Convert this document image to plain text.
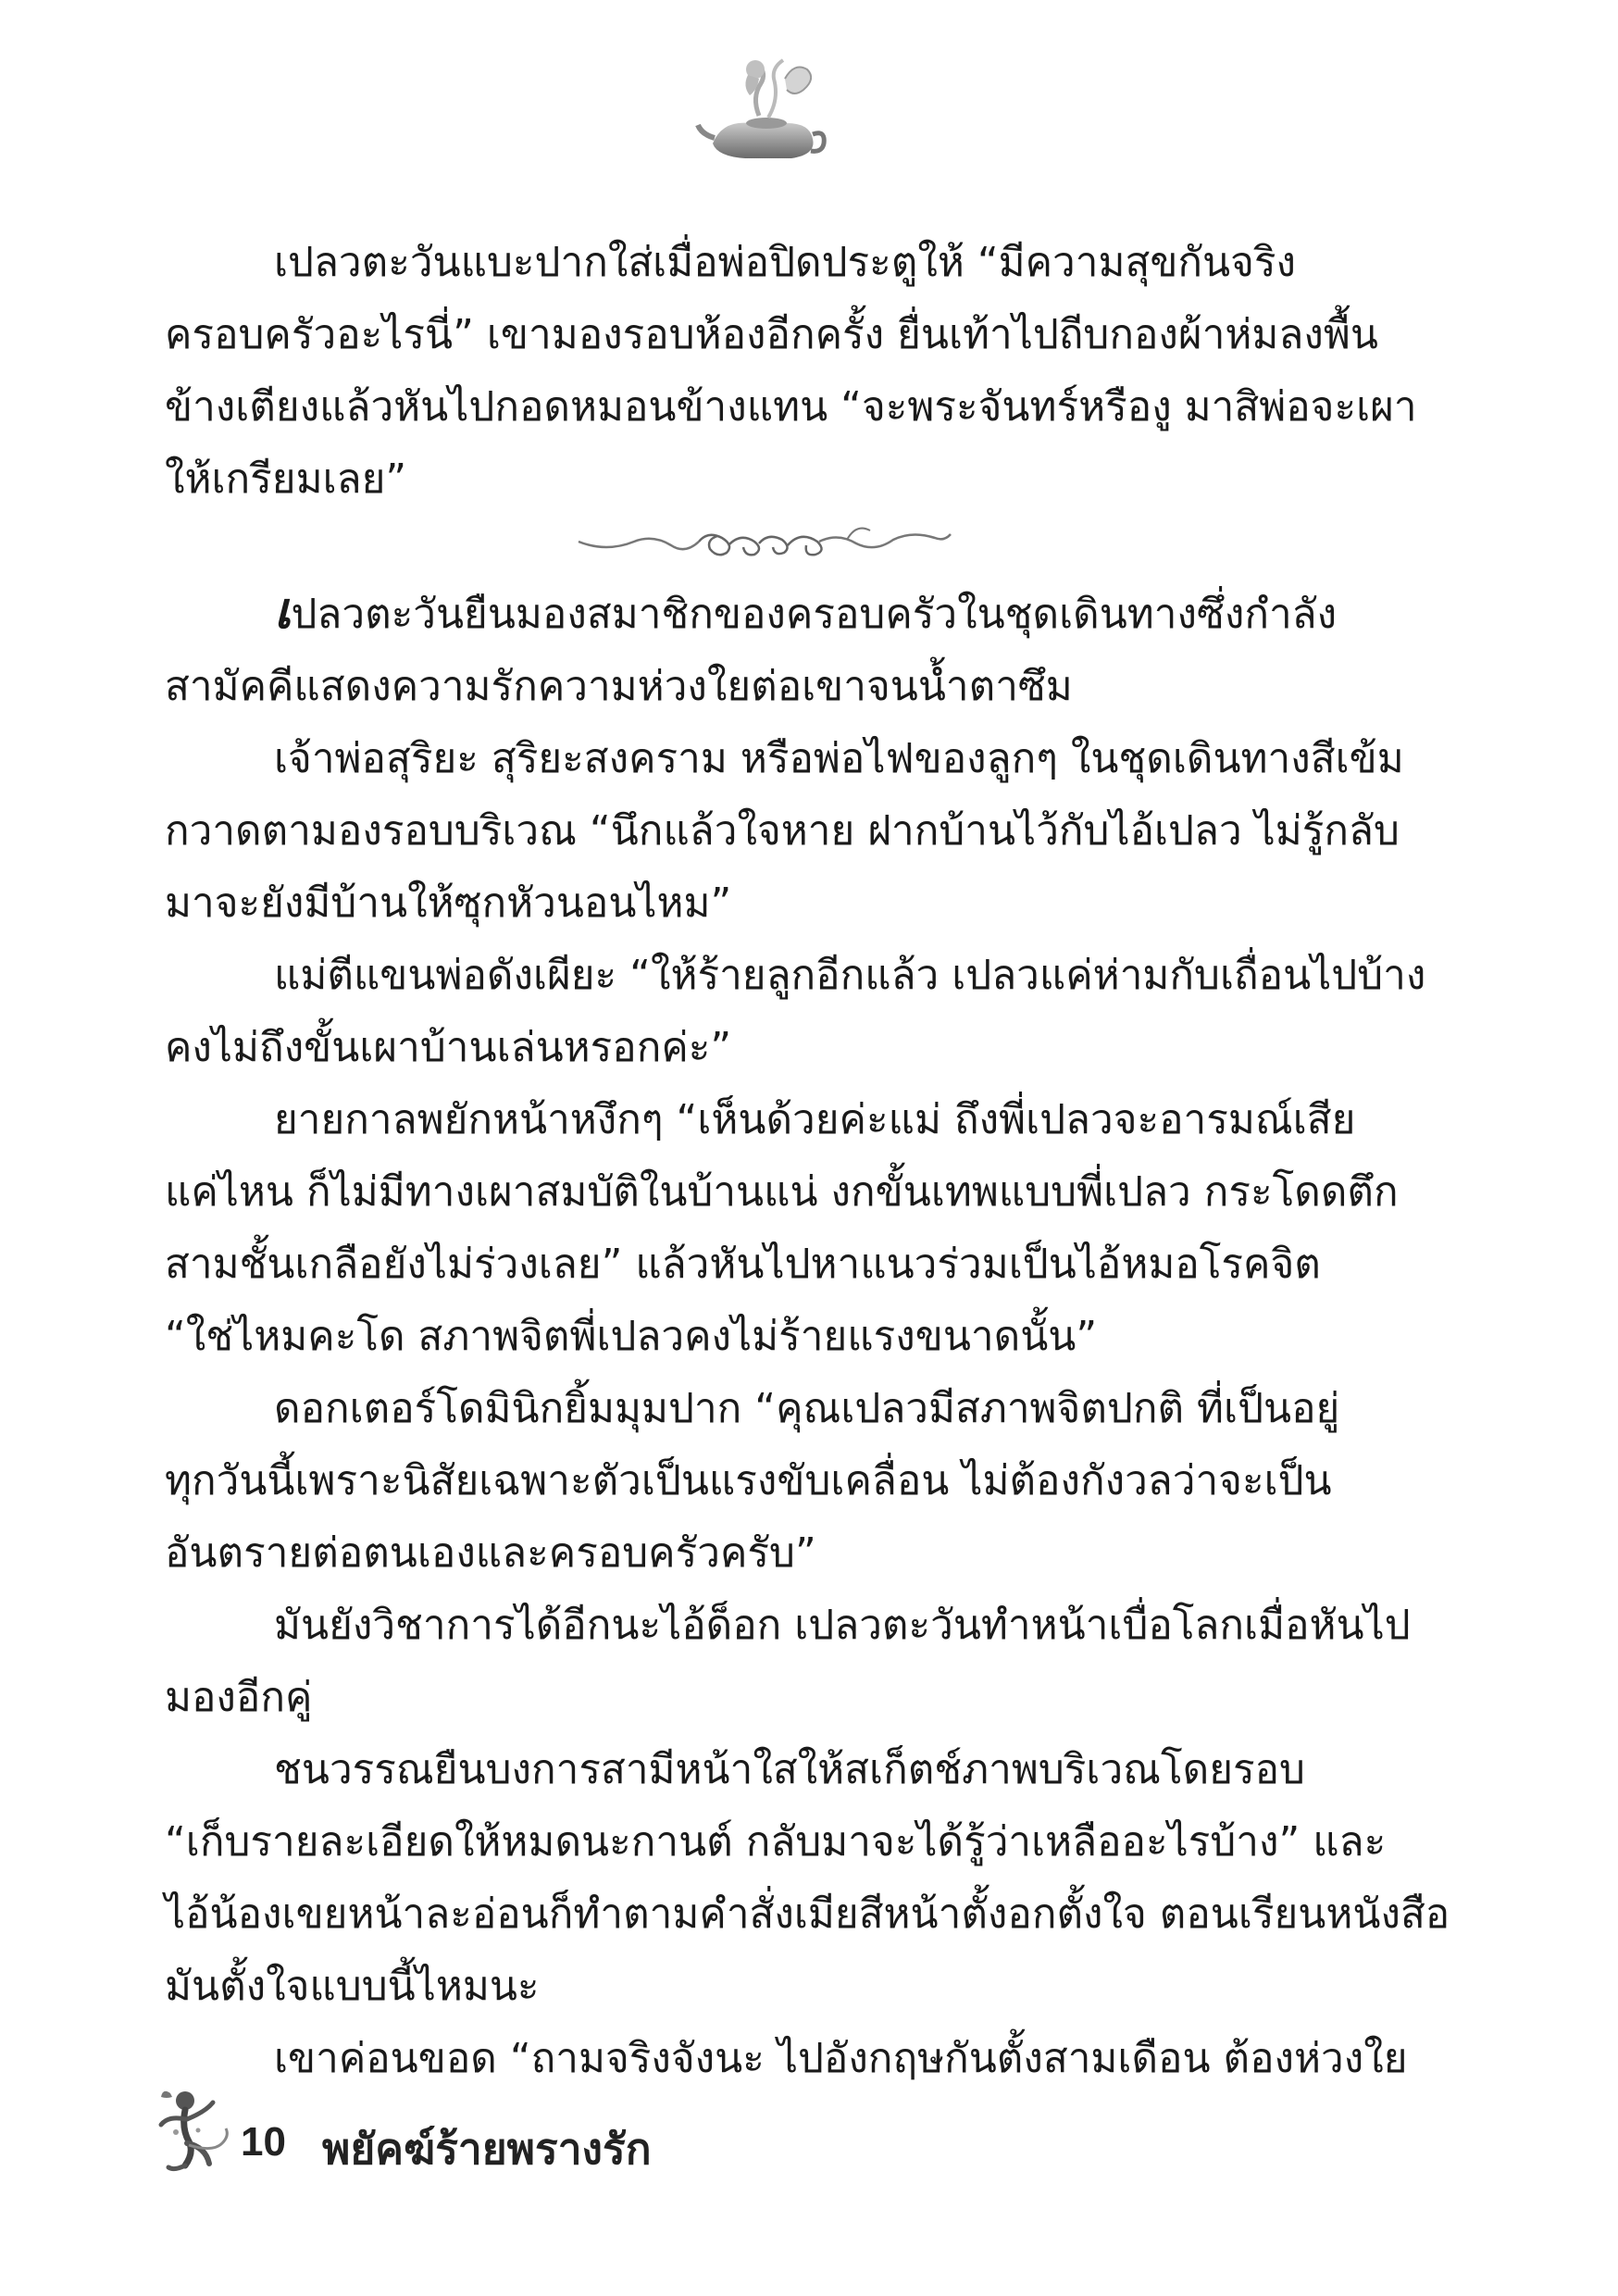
เปลวตะวันแบะปากใส่เมื่อพ่อปิดประตูให้ “มีความสุขกันจริง

ครอบครัวอะไรนี่” เขามองรอบห้องอีกครั้ง ยื่นเท้าไปถีบกองผ้าห่มลงพื้น

ข้างเตียงแล้วหันไปกอดหมอนข้างแทน “จะพระจันทร์หรืองู มาสิพ่อจะเผา

ให้เกรียมเลย”

เปลวตะวันยืนมองสมาชิกของครอบครัวในชุดเดินทางซึ่งกำลัง

สามัคคีแสดงความรักความห่วงใยต่อเขาจนน้ำตาซึม

เจ้าพ่อสุริยะ สุริยะสงคราม หรือพ่อไฟของลูกๆ ในชุดเดินทางสีเข้ม

กวาดตามองรอบบริเวณ “นึกแล้วใจหาย ฝากบ้านไว้กับไอ้เปลว ไม่รู้กลับ

มาจะยังมีบ้านให้ซุกหัวนอนไหม”

แม่ตีแขนพ่อดังเผียะ “ให้ร้ายลูกอีกแล้ว เปลวแค่ห่ามกับเถื่อนไปบ้าง

คงไม่ถึงขั้นเผาบ้านเล่นหรอกค่ะ”

ยายกาลพยักหน้าหงึกๆ “เห็นด้วยค่ะแม่ ถึงพี่เปลวจะอารมณ์เสีย

แค่ไหน ก็ไม่มีทางเผาสมบัติในบ้านแน่ งกขั้นเทพแบบพี่เปลว กระโดดตึก

สามชั้นเกลือยังไม่ร่วงเลย” แล้วหันไปหาแนวร่วมเป็นไอ้หมอโรคจิต

“ใช่ไหมคะโด สภาพจิตพี่เปลวคงไม่ร้ายแรงขนาดนั้น”

ดอกเตอร์โดมินิกยิ้มมุมปาก “คุณเปลวมีสภาพจิตปกติ ที่เป็นอยู่

ทุกวันนี้เพราะนิสัยเฉพาะตัวเป็นแรงขับเคลื่อน ไม่ต้องกังวลว่าจะเป็น

อันตรายต่อตนเองและครอบครัวครับ”

มันยังวิชาการได้อีกนะไอ้ด็อก เปลวตะวันทำหน้าเบื่อโลกเมื่อหันไป

มองอีกคู่

ชนวรรณยืนบงการสามีหน้าใสให้สเก็ตช์ภาพบริเวณโดยรอบ

“เก็บรายละเอียดให้หมดนะกานต์ กลับมาจะได้รู้ว่าเหลืออะไรบ้าง” และ

ไอ้น้องเขยหน้าละอ่อนก็ทำตามคำสั่งเมียสีหน้าตั้งอกตั้งใจ ตอนเรียนหนังสือ

มันตั้งใจแบบนี้ไหมนะ

เขาค่อนขอด “ถามจริงจังนะ ไปอังกฤษกันตั้งสามเดือน ต้องห่วงใย

10 พยัคฆ์ร้ายพรางรัก
